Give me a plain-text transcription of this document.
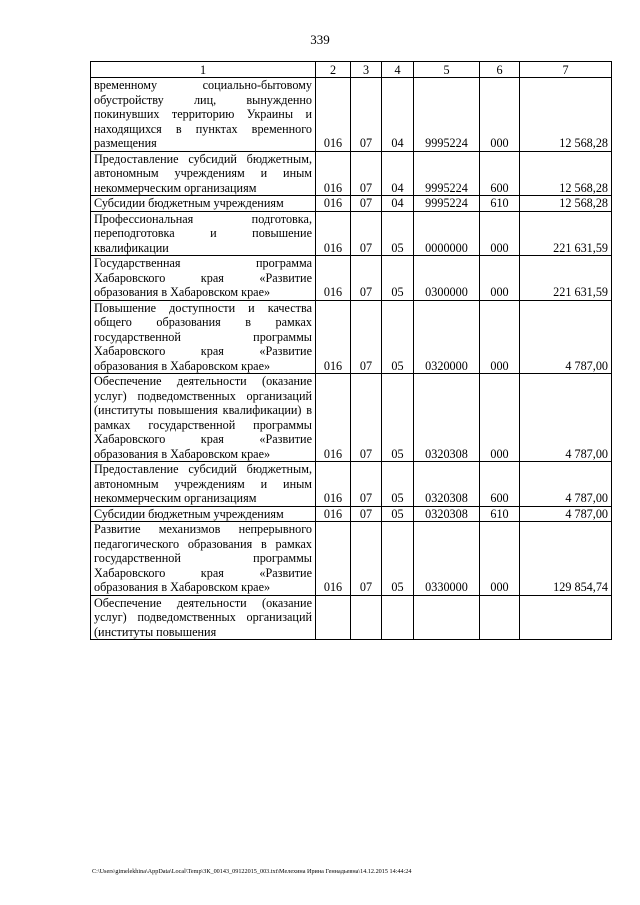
339
1	2	3	4	5	6	7
временному социально-бытовому обустройству лиц, вынужденно покинувших территорию Украины и находящихся в пунктах временного размещения	016	07	04	9995224	000	12 568,28
Предоставление субсидий бюджетным, автономным учреждениям и иным некоммерческим организациям	016	07	04	9995224	600	12 568,28
Субсидии бюджетным учреждениям	016	07	04	9995224	610	12 568,28
Профессиональная подготовка, переподготовка и повышение квалификации	016	07	05	0000000	000	221 631,59
Государственная программа Хабаровского края «Развитие образования в Хабаровском крае»	016	07	05	0300000	000	221 631,59
Повышение доступности и качества общего образования в рамках государственной программы Хабаровского края «Развитие образования в Хабаровском крае»	016	07	05	0320000	000	4 787,00
Обеспечение деятельности (оказание услуг) подведомственных организаций (институты повышения квалификации) в рамках государственной программы Хабаровского края «Развитие образования в Хабаровском крае»	016	07	05	0320308	000	4 787,00
Предоставление субсидий бюджетным, автономным учреждениям и иным некоммерческим организациям	016	07	05	0320308	600	4 787,00
Субсидии бюджетным учреждениям	016	07	05	0320308	610	4 787,00
Развитие механизмов непрерывного педагогического образования в рамках государственной программы Хабаровского края «Развитие образования в Хабаровском крае»	016	07	05	0330000	000	129 854,74
Обеспечение деятельности (оказание услуг) подведомственных организаций (институты повышения						
C:\Users\gimelekhina\AppData\Local\Temp\ЗК_00143_09122015_003.txt\Мелехина Ирина Геннадьевна\14.12.2015 14:44:24
